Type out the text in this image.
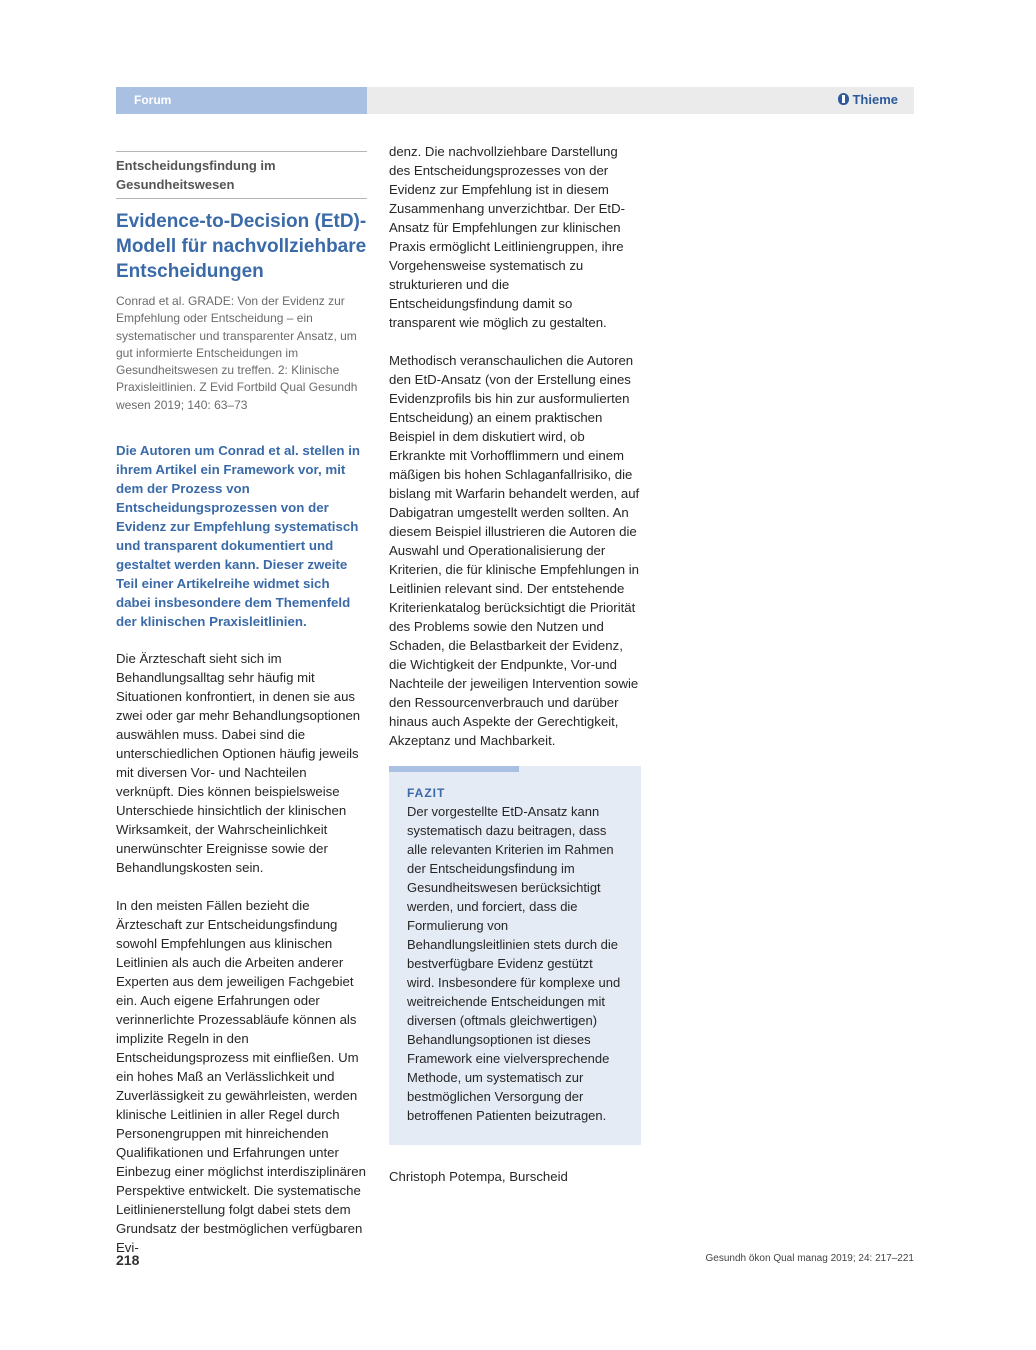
Forum	Thieme
Entscheidungsfindung im Gesundheitswesen
Evidence-to-Decision (EtD)-Modell für nachvollziehbare Entscheidungen

Conrad et al. GRADE: Von der Evidenz zur Empfehlung oder Entscheidung – ein systematischer und transparenter Ansatz, um gut informierte Entscheidungen im Gesundheitswesen zu treffen. 2: Klinische Praxisleitlinien. Z Evid Fortbild Qual Gesundh wesen 2019; 140: 63–73

Die Autoren um Conrad et al. stellen in ihrem Artikel ein Framework vor, mit dem der Prozess von Entscheidungsprozessen von der Evidenz zur Empfehlung systematisch und transparent dokumentiert und gestaltet werden kann. Dieser zweite Teil einer Artikelreihe widmet sich dabei insbesondere dem Themenfeld der klinischen Praxisleitlinien.

Die Ärzteschaft sieht sich im Behandlungsalltag sehr häufig mit Situationen konfrontiert, in denen sie aus zwei oder gar mehr Behandlungsoptionen auswählen muss. Dabei sind die unterschiedlichen Optionen häufig jeweils mit diversen Vor- und Nachteilen verknüpft. Dies können beispielsweise Unterschiede hinsichtlich der klinischen Wirksamkeit, der Wahrscheinlichkeit unerwünschter Ereignisse sowie der Behandlungskosten sein.

In den meisten Fällen bezieht die Ärzteschaft zur Entscheidungsfindung sowohl Empfehlungen aus klinischen Leitlinien als auch die Arbeiten anderer Experten aus dem jeweiligen Fachgebiet ein. Auch eigene Erfahrungen oder verinnerlichte Prozessabläufe können als implizite Regeln in den Entscheidungsprozess mit einfließen. Um ein hohes Maß an Verlässlichkeit und Zuverlässigkeit zu gewährleisten, werden klinische Leitlinien in aller Regel durch Personengruppen mit hinreichenden Qualifikationen und Erfahrungen unter Einbezug einer möglichst interdisziplinären Perspektive entwickelt. Die systematische Leitlinienerstellung folgt dabei stets dem Grundsatz der bestmöglichen verfügbaren Evi-

denz. Die nachvollziehbare Darstellung des Entscheidungsprozesses von der Evidenz zur Empfehlung ist in diesem Zusammenhang unverzichtbar. Der EtD-Ansatz für Empfehlungen zur klinischen Praxis ermöglicht Leitliniengruppen, ihre Vorgehensweise systematisch zu strukturieren und die Entscheidungsfindung damit so transparent wie möglich zu gestalten.

Methodisch veranschaulichen die Autoren den EtD-Ansatz (von der Erstellung eines Evidenzprofils bis hin zur ausformulierten Entscheidung) an einem praktischen Beispiel in dem diskutiert wird, ob Erkrankte mit Vorhofflimmern und einem mäßigen bis hohen Schlaganfallrisiko, die bislang mit Warfarin behandelt werden, auf Dabigatran umgestellt werden sollten. An diesem Beispiel illustrieren die Autoren die Auswahl und Operationalisierung der Kriterien, die für klinische Empfehlungen in Leitlinien relevant sind. Der entstehende Kriterienkatalog berücksichtigt die Priorität des Problems sowie den Nutzen und Schaden, die Belastbarkeit der Evidenz, die Wichtigkeit der Endpunkte, Vor-und Nachteile der jeweiligen Intervention sowie den Ressourcenverbrauch und darüber hinaus auch Aspekte der Gerechtigkeit, Akzeptanz und Machbarkeit.

FAZIT

Der vorgestellte EtD-Ansatz kann systematisch dazu beitragen, dass alle relevanten Kriterien im Rahmen der Entscheidungsfindung im Gesundheitswesen berücksichtigt werden, und forciert, dass die Formulierung von Behandlungsleitlinien stets durch die bestverfügbare Evidenz gestützt wird. Insbesondere für komplexe und weitreichende Entscheidungen mit diversen (oftmals gleichwertigen) Behandlungsoptionen ist dieses Framework eine vielversprechende Methode, um systematisch zur bestmöglichen Versorgung der betroffenen Patienten beizutragen.

Christoph Potempa, Burscheid
218	Gesundh ökon Qual manag 2019; 24: 217–221
